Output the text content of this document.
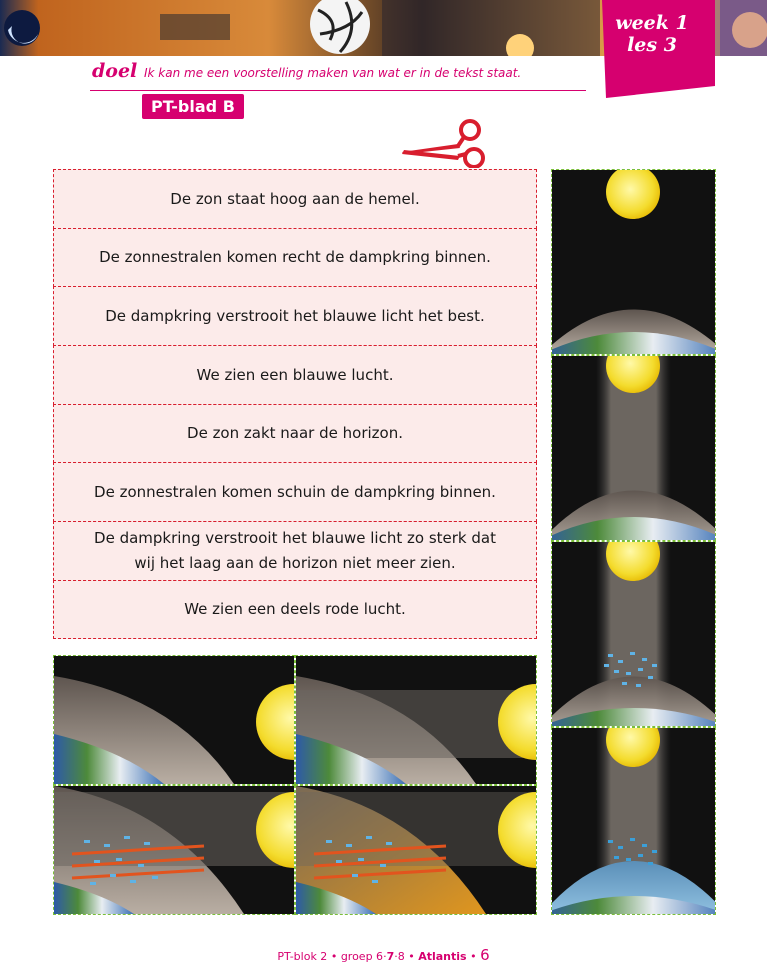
week 1
les 3
doel Ik kan me een voorstelling maken van wat er in de tekst staat.
PT-blad B
De zon staat hoog aan de hemel.
De zonnestralen komen recht de dampkring binnen.
De dampkring verstrooit het blauwe licht het best.
We zien een blauwe lucht.
De zon zakt naar de horizon.
De zonnestralen komen schuin de dampkring binnen.
De dampkring verstrooit het blauwe licht zo sterk dat wij het laag aan de horizon niet meer zien.
We zien een deels rode lucht.
PT-blok 2 • groep 6·7·8 • Atlantis • 6
